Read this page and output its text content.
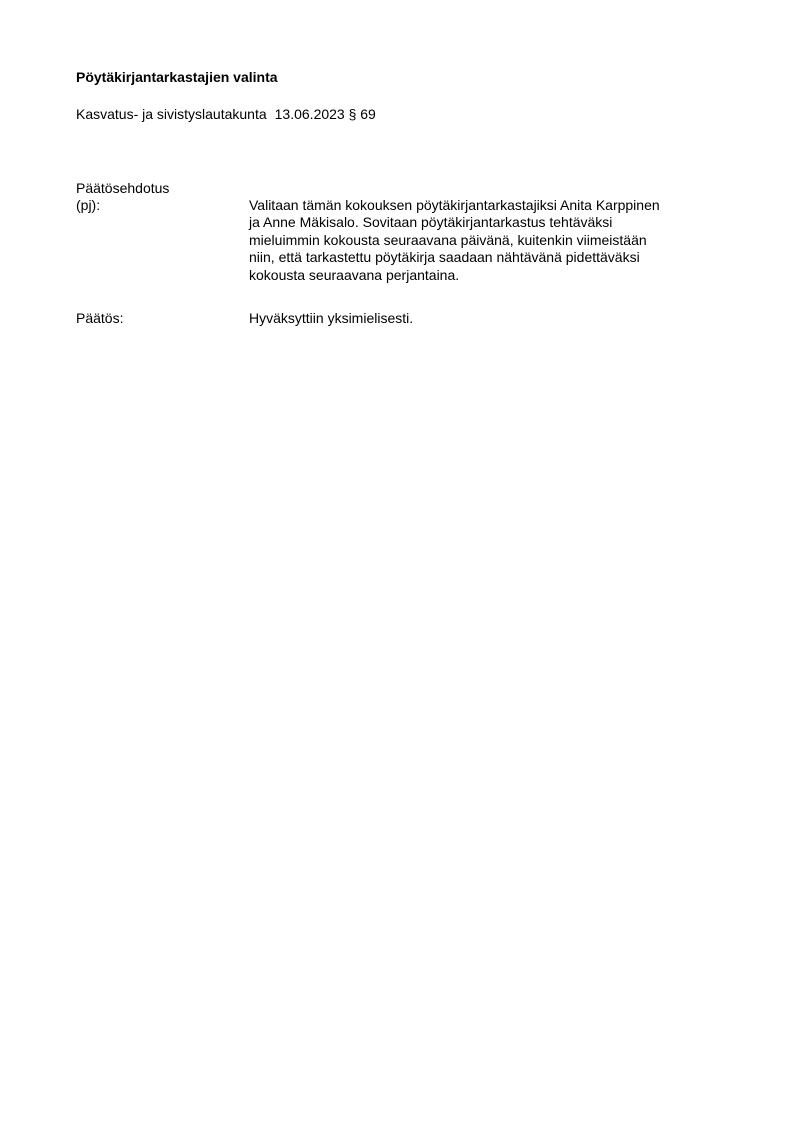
Pöytäkirjantarkastajien valinta
Kasvatus- ja sivistyslautakunta 13.06.2023 § 69
Päätösehdotus
(pj):	Valitaan tämän kokouksen pöytäkirjantarkastajiksi Anita Karppinen
ja Anne Mäkisalo. Sovitaan pöytäkirjantarkastus tehtäväksi
mieluimmin kokousta seuraavana päivänä, kuitenkin viimeistään
niin, että tarkastettu pöytäkirja saadaan nähtävänä pidettäväksi
kokousta seuraavana perjantaina.
Päätös:	Hyväksyttiin yksimielisesti.
